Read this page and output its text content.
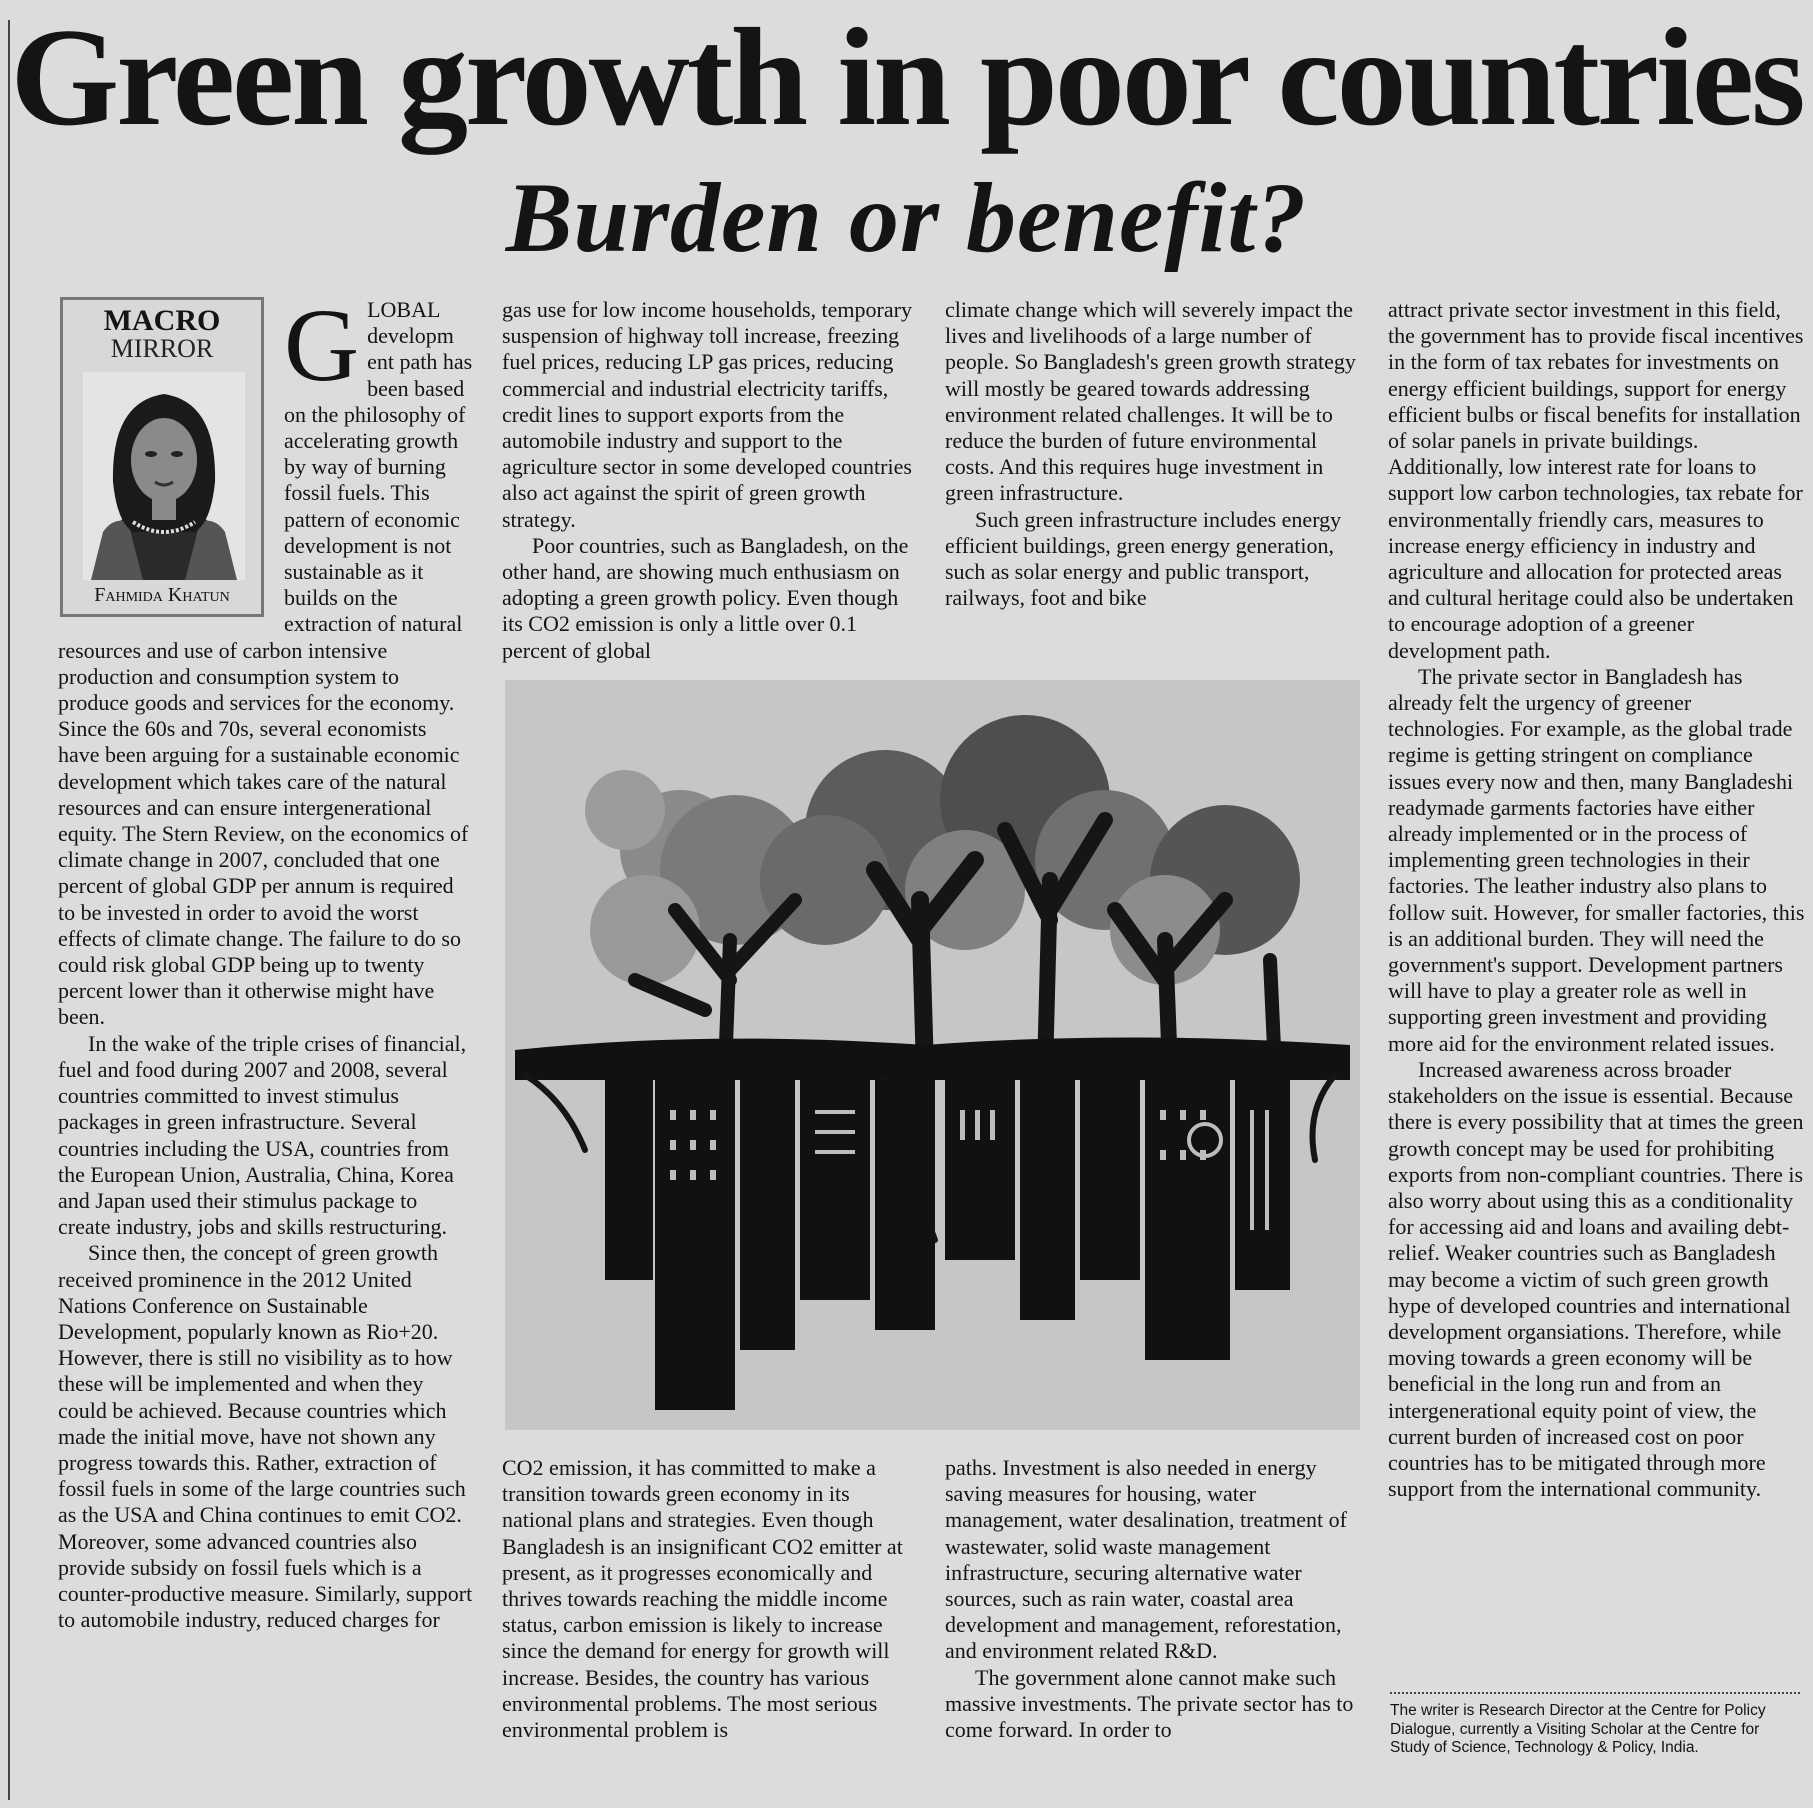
Green growth in poor countries
Burden or benefit?
MACRO
MIRROR
Fahmida Khatun
G LOBAL developm ent path has been based on the philosophy of accelerating growth by way of burning fossil fuels. This pattern of economic development is not sustainable as it builds on the extraction of natural resources and use of carbon intensive production and consumption system to produce goods and services for the economy. Since the 60s and 70s, several economists have been arguing for a sustainable economic development which takes care of the natural resources and can ensure intergenerational equity. The Stern Review, on the economics of climate change in 2007, concluded that one percent of global GDP per annum is required to be invested in order to avoid the worst effects of climate change. The failure to do so could risk global GDP being up to twenty percent lower than it otherwise might have been.

In the wake of the triple crises of financial, fuel and food during 2007 and 2008, several countries committed to invest stimulus packages in green infrastructure. Several countries including the USA, countries from the European Union, Australia, China, Korea and Japan used their stimulus package to create industry, jobs and skills restructuring.

Since then, the concept of green growth received prominence in the 2012 United Nations Conference on Sustainable Development, popularly known as Rio+20. However, there is still no visibility as to how these will be implemented and when they could be achieved. Because countries which made the initial move, have not shown any progress towards this. Rather, extraction of fossil fuels in some of the large countries such as the USA and China continues to emit CO2. Moreover, some advanced countries also provide subsidy on fossil fuels which is a counter-productive measure. Similarly, support to automobile industry, reduced charges for

gas use for low income households, temporary suspension of highway toll increase, freezing fuel prices, reducing LP gas prices, reducing commercial and industrial electricity tariffs, credit lines to support exports from the automobile industry and support to the agriculture sector in some developed countries also act against the spirit of green growth strategy.

Poor countries, such as Bangladesh, on the other hand, are showing much enthusiasm on adopting a green growth policy. Even though its CO2 emission is only a little over 0.1 percent of global

climate change which will severely impact the lives and livelihoods of a large number of people. So Bangladesh's green growth strategy will mostly be geared towards addressing environment related challenges. It will be to reduce the burden of future environmental costs. And this requires huge investment in green infrastructure.

Such green infrastructure includes energy efficient buildings, green energy generation, such as solar energy and public transport, railways, foot and bike

CO2 emission, it has committed to make a transition towards green economy in its national plans and strategies. Even though Bangladesh is an insignificant CO2 emitter at present, as it progresses economically and thrives towards reaching the middle income status, carbon emission is likely to increase since the demand for energy for growth will increase. Besides, the country has various environmental problems. The most serious environmental problem is

paths. Investment is also needed in energy saving measures for housing, water management, water desalination, treatment of wastewater, solid waste management infrastructure, securing alternative water sources, such as rain water, coastal area development and management, reforestation, and environment related R&D.

The government alone cannot make such massive investments. The private sector has to come forward. In order to

attract private sector investment in this field, the government has to provide fiscal incentives in the form of tax rebates for investments on energy efficient buildings, support for energy efficient bulbs or fiscal benefits for installation of solar panels in private buildings. Additionally, low interest rate for loans to support low carbon technologies, tax rebate for environmentally friendly cars, measures to increase energy efficiency in industry and agriculture and allocation for protected areas and cultural heritage could also be undertaken to encourage adoption of a greener development path.

The private sector in Bangladesh has already felt the urgency of greener technologies. For example, as the global trade regime is getting stringent on compliance issues every now and then, many Bangladeshi readymade garments factories have either already implemented or in the process of implementing green technologies in their factories. The leather industry also plans to follow suit. However, for smaller factories, this is an additional burden. They will need the government's support. Development partners will have to play a greater role as well in supporting green investment and providing more aid for the environment related issues.

Increased awareness across broader stakeholders on the issue is essential. Because there is every possibility that at times the green growth concept may be used for prohibiting exports from non-compliant countries. There is also worry about using this as a conditionality for accessing aid and loans and availing debt-relief. Weaker countries such as Bangladesh may become a victim of such green growth hype of developed countries and international development organsiations. Therefore, while moving towards a green economy will be beneficial in the long run and from an intergenerational equity point of view, the current burden of increased cost on poor countries has to be mitigated through more support from the international community.

The writer is Research Director at the Centre for Policy Dialogue, currently a Visiting Scholar at the Centre for Study of Science, Technology & Policy, India.
